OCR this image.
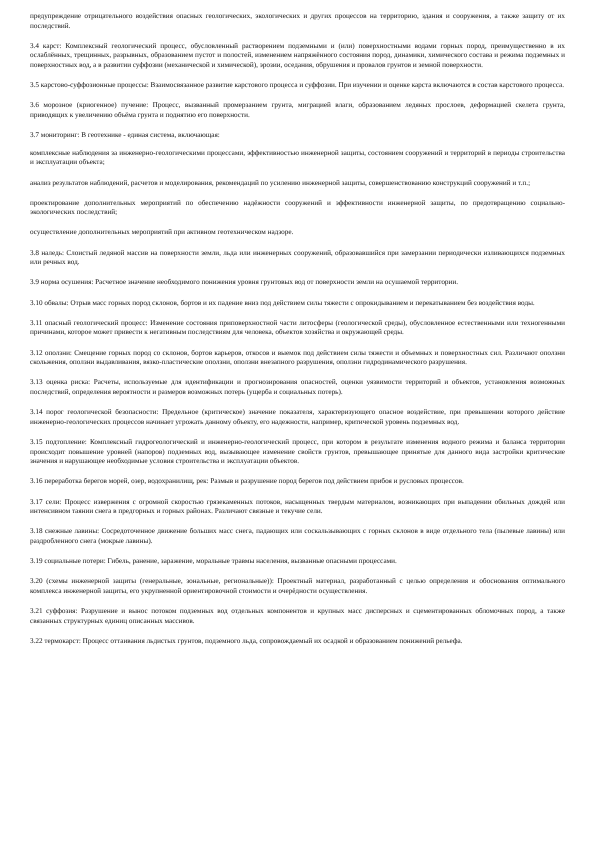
предупреждение отрицательного воздействия опасных геологических, экологических и других процессов на территорию, здания и сооружения, а также защиту от их последствий.

3.4 карст: Комплексный геологический процесс, обусловленный растворением подземными и (или) поверхностными водами горных пород, преимущественно в их ослаблённых, трещинных, разрывных, образованием пустот и полостей, изменением напряжённого состояния пород, динамики, химического состава и режима подземных и поверхностных вод, а в развитии суффозии (механической и химической), эрозии, оседания, обрушения и провалов грунтов и земной поверхности.

3.5 карстово-суффозионные процессы: Взаимосвязанное развитие карстового процесса и суффозии. При изучении и оценке карста включаются в состав карстового процесса.

3.6 морозное (криогенное) пучение: Процесс, вызванный промерзанием грунта, миграцией влаги, образованием ледяных прослоев, деформацией скелета грунта, приводящих к увеличению объёма грунта и поднятию его поверхности.

3.7 мониторинг: В геотехнике - единая система, включающая:

комплексные наблюдения за инженерно-геологическими процессами, эффективностью инженерной защиты, состоянием сооружений и территорий в периоды строительства и эксплуатации объекта;

анализ результатов наблюдений, расчетов и моделирования, рекомендаций по усилению инженерной защиты, совершенствованию конструкций сооружений и т.п.;

проектирование дополнительных мероприятий по обеспечению надёжности сооружений и эффективности инженерной защиты, по предотвращению социально-экологических последствий;

осуществление дополнительных мероприятий при активном геотехническом надзоре.

3.8 наледь: Слоистый ледяной массив на поверхности земли, льда или инженерных сооружений, образовавшийся при замерзании периодически изливающихся подземных или речных вод.

3.9 норма осушения: Расчетное значение необходимого понижения уровня грунтовых вод от поверхности земли на осушаемой территории.

3.10 обвалы: Отрыв масс горных пород склонов, бортов и их падение вниз под действием силы тяжести с опрокидыванием и перекатыванием без воздействия воды.

3.11 опасный геологический процесс: Изменение состояния приповерхностной части литосферы (геологической среды), обусловленное естественными или техногенными причинами, которое может привести к негативным последствиям для человека, объектов хозяйства и окружающей среды.

3.12 оползни: Смещение горных пород со склонов, бортов карьеров, откосов и выемок под действием силы тяжести и объемных и поверхностных сил. Различают оползни скольжения, оползни выдавливания, вязко-пластические оползни, оползни внезапного разрушения, оползни гидродинамического разрушения.

3.13 оценка риска: Расчеты, используемые для идентификации и прогнозирования опасностей, оценки уязвимости территорий и объектов, установления возможных последствий, определения вероятности и размеров возможных потерь (ущерба и социальных потерь).

3.14 порог геологической безопасности: Предельное (критическое) значение показателя, характеризующего опасное воздействие, при превышении которого действие инженерно-геологических процессов начинает угрожать данному объекту, его надежности, например, критической уровень подземных вод.

3.15 подтопление: Комплексный гидрогеологический и инженерно-геологический процесс, при котором в результате изменения водного режима и баланса территории происходит повышение уровней (напоров) подземных вод, вызывающее изменение свойств грунтов, превышающее принятые для данного вида застройки критические значения и нарушающее необходимые условия строительства и эксплуатации объектов.

3.16 переработка берегов морей, озер, водохранилищ, рек: Размыв и разрушение пород берегов под действием прибоя и русловых процессов.

3.17 сели: Процесс извержения с огромной скоростью грязекаменных потоков, насыщенных твердым материалом, возникающих при выпадении обильных дождей или интенсивном таянии снега в предгорных и горных районах. Различают связные и текучие сели.

3.18 снежные лавины: Сосредоточенное движение больших масс снега, падающих или соскальзывающих с горных склонов в виде отдельного тела (пылевые лавины) или раздробленного снега (мокрые лавины).

3.19 социальные потери: Гибель, ранение, заражение, моральные травмы населения, вызванные опасными процессами.

3.20 (схемы инженерной защиты (генеральные, зональные, региональные)): Проектный материал, разработанный с целью определения и обоснования оптимального комплекса инженерной защиты, его укрупненной ориентировочной стоимости и очерёдности осуществления.

3.21 суффозия: Разрушение и вынос потоком подземных вод отдельных компонентов и крупных масс дисперсных и сцементированных обломочных пород, а также связанных структурных единиц описанных массивов.

3.22 термокарст: Процесс оттаивания льдистых грунтов, подземного льда, сопровождаемый их осадкой и образованием понижений рельефа.
